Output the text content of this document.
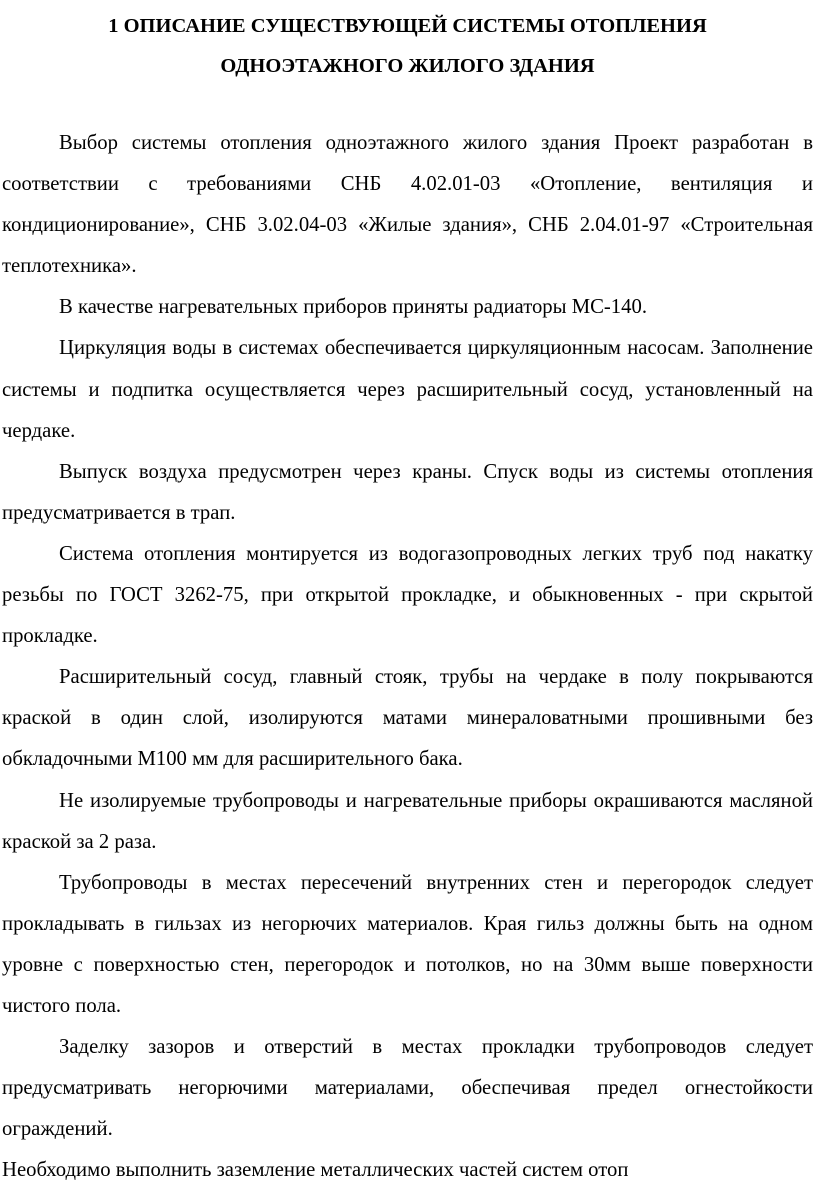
1 ОПИСАНИЕ СУЩЕСТВУЮЩЕЙ СИСТЕМЫ ОТОПЛЕНИЯ
ОДНОЭТАЖНОГО ЖИЛОГО ЗДАНИЯ

Выбор системы отопления одноэтажного жилого здания Проект разработан в соответствии с требованиями СНБ 4.02.01-03 «Отопление, вентиляция и кондиционирование», СНБ 3.02.04-03 «Жилые здания», СНБ 2.04.01-97 «Строительная теплотехника».

В качестве нагревательных приборов приняты радиаторы МС-140.

Циркуляция воды в системах обеспечивается циркуляционным насосам. Заполнение системы и подпитка осуществляется через расширительный сосуд, установленный на чердаке.

Выпуск воздуха предусмотрен через краны. Спуск воды из системы отопления предусматривается в трап.

Система отопления монтируется из водогазопроводных легких труб под накатку резьбы по ГОСТ 3262-75, при открытой прокладке, и обыкновенных - при скрытой прокладке.

Расширительный сосуд, главный стояк, трубы на чердаке в полу покрываются краской в один слой, изолируются матами минераловатными прошивными без обкладочными М100 мм для расширительного бака.

Не изолируемые трубопроводы и нагревательные приборы окрашиваются масляной краской за 2 раза.

Трубопроводы в местах пересечений внутренних стен и перегородок следует прокладывать в гильзах из негорючих материалов. Края гильз должны быть на одном уровне с поверхностью стен, перегородок и потолков, но на 30мм выше поверхности чистого пола.

Заделку зазоров и отверстий в местах прокладки трубопроводов следует предусматривать негорючими материалами, обеспечивая предел огнестойкости ограждений.

Необходимо выполнить заземление металлических частей систем отоп
